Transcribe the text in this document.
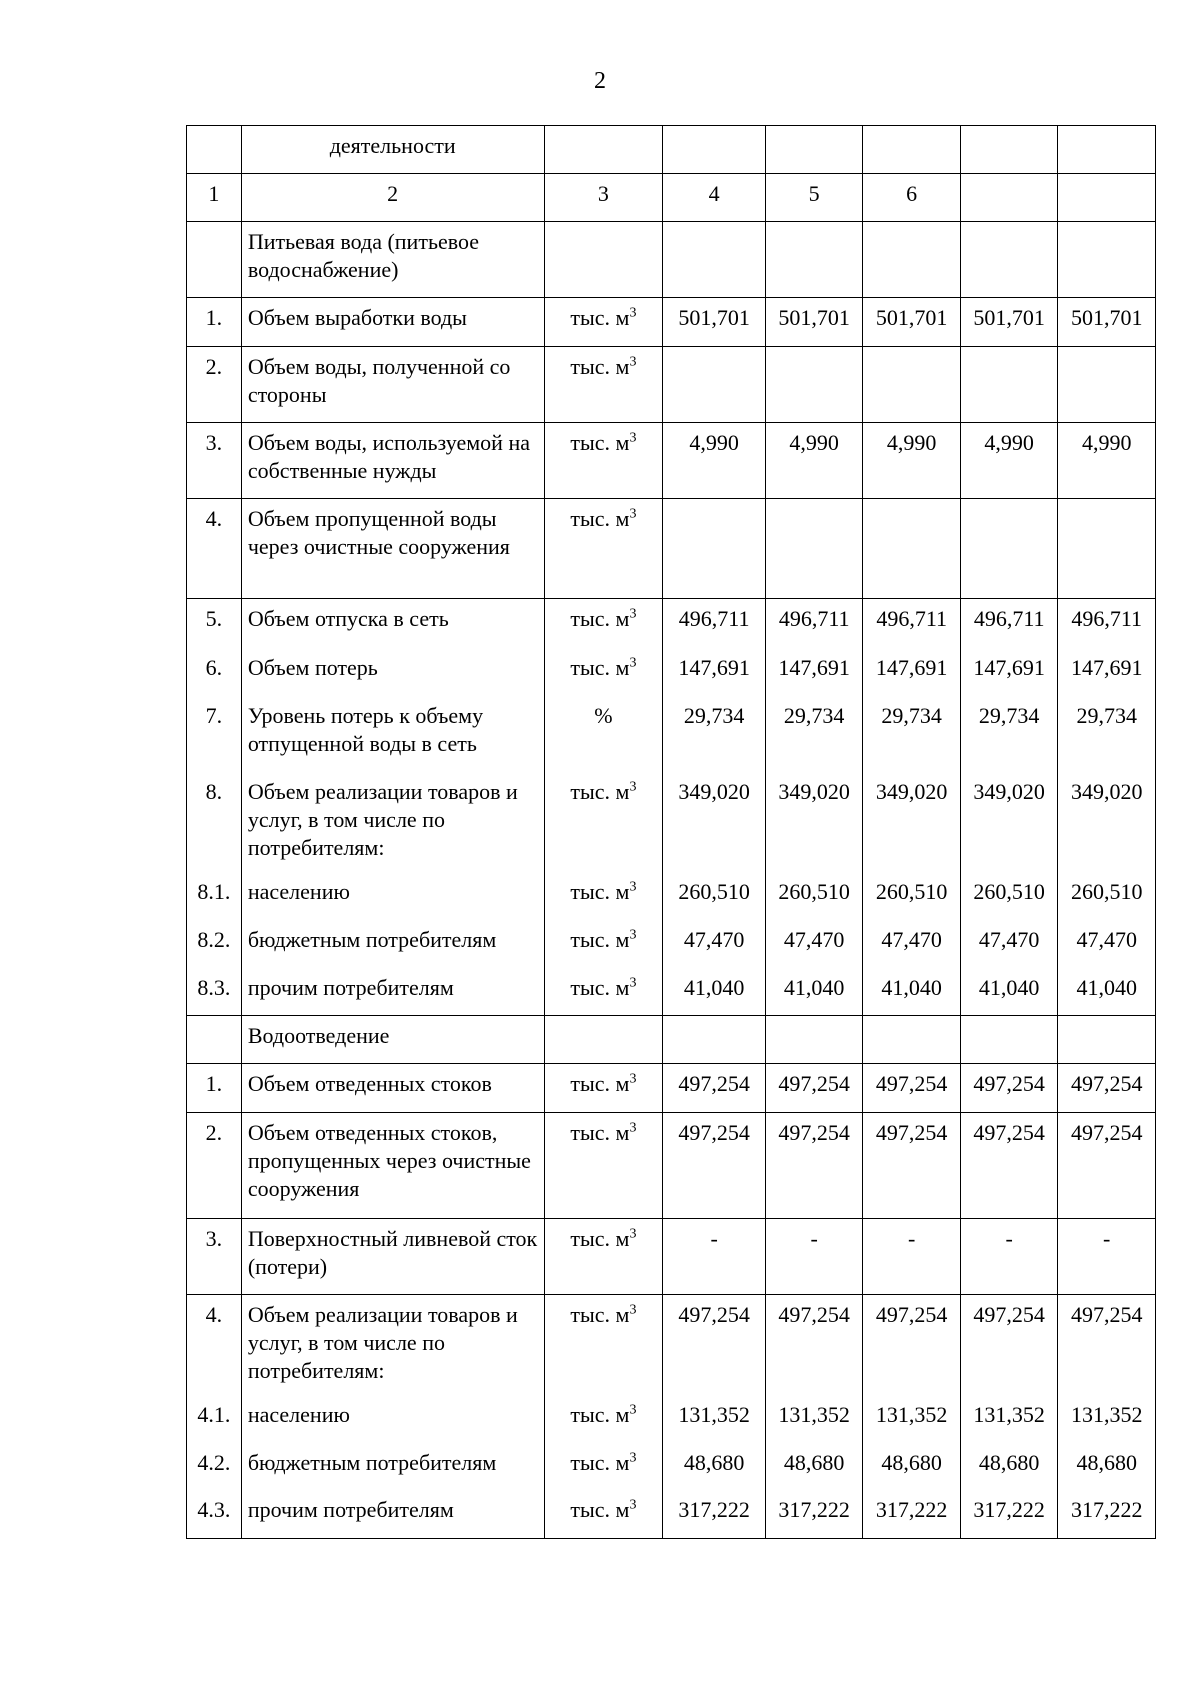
2
	деятельности						
1	2	3	4	5	6		
	Питьевая вода (питьевое водоснабжение)						
1.	Объем выработки воды	тыс. $м^3$	501,701	501,701	501,701	501,701	501,701
2.	Объем воды, полученной со стороны	тыс. $м^3$					
3.	Объем воды, используемой на собственные нужды	тыс. $м^3$	4,990	4,990	4,990	4,990	4,990
4.	Объем пропущенной воды через очистные сооружения	тыс. $м^3$					
5.	Объем отпуска в сеть	тыс. $м^3$	496,711	496,711	496,711	496,711	496,711
6.	Объем потерь	тыс. $м^3$	147,691	147,691	147,691	147,691	147,691
7.	Уровень потерь к объему отпущенной воды в сеть	%	29,734	29,734	29,734	29,734	29,734
8.	Объем реализации товаров и услуг, в том числе по потребителям:	тыс. $м^3$	349,020	349,020	349,020	349,020	349,020
8.1.	населению	тыс. $м^3$	260,510	260,510	260,510	260,510	260,510
8.2.	бюджетным потребителям	тыс. $м^3$	47,470	47,470	47,470	47,470	47,470
8.3.	прочим потребителям	тыс. $м^3$	41,040	41,040	41,040	41,040	41,040
	Водоотведение						
1.	Объем отведенных стоков	тыс. $м^3$	497,254	497,254	497,254	497,254	497,254
2.	Объем отведенных стоков, пропущенных через очистные сооружения	тыс. $м^3$	497,254	497,254	497,254	497,254	497,254
3.	Поверхностный ливневой сток (потери)	тыс. $м^3$	-	-	-	-	-
4.	Объем реализации товаров и услуг, в том числе по потребителям:	тыс. $м^3$	497,254	497,254	497,254	497,254	497,254
4.1.	населению	тыс. $м^3$	131,352	131,352	131,352	131,352	131,352
4.2.	бюджетным потребителям	тыс. $м^3$	48,680	48,680	48,680	48,680	48,680
4.3.	прочим потребителям	тыс. $м^3$	317,222	317,222	317,222	317,222	317,222
